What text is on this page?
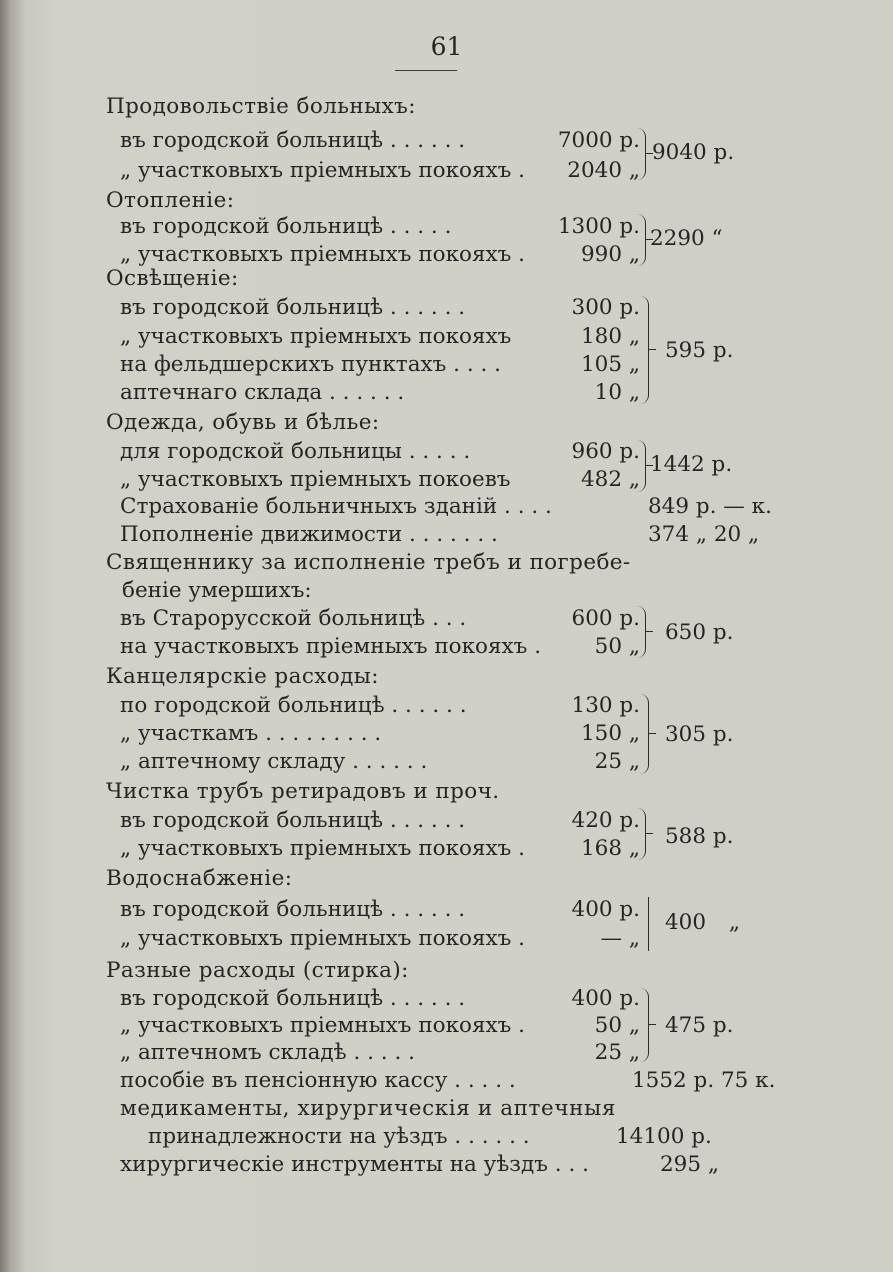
61
Продовольствіе больныхъ:
въ городской больницѣ . . . . . .	7000 р.
„ участковыхъ пріемныхъ покояхъ . 2040 „
9040 р.
Отопленіе:
въ городской больницѣ . . . . .	1300 р.
„ участковыхъ пріемныхъ покояхъ .	990 „
2290 “
Освѣщеніе:
въ городской больницѣ . . . . . .	300 р.
„ участковыхъ пріемныхъ покояхъ	180 „
на фельдшерскихъ пунктахъ . . . .	105 „
аптечнаго склада . . . . . .	10 „
595 р.
Одежда, обувь и бѣлье:
для городской больницы . . . . .	960 р.
„ участковыхъ пріемныхъ покоевъ	482 „
1442 р.
Страхованіе больничныхъ зданій . . . .	849 р. — к.
Пополненіе движимости . . . . . . .	374 „ 20 „
Священнику за исполненіе требъ и погребе-
беніе умершихъ:
въ Старорусской больницѣ . . .	600 р.
на участковыхъ пріемныхъ покояхъ . 50 „
650 р.
Канцелярскіе расходы:
по городской больницѣ . . . . . .	130 р.
„ участкамъ . . . . . . . . .	150 „
„ аптечному складу . . . . . .	25 „
305 р.
Чистка трубъ ретирадовъ и проч.
въ городской больницѣ . . . . . .	420 р.
„ участковыхъ пріемныхъ покояхъ .	168 „ 588 р.
Водоснабженіе:
въ городской больницѣ . . . . . .	400 р.
„ участковыхъ пріемныхъ покояхъ .	— „
400 „
Разные расходы (стирка):
въ городской больницѣ . . . . . .	400 р.
„ участковыхъ пріемныхъ покояхъ .	50 „
„ аптечномъ складѣ . . . . .	25 „
475 р.
пособіе въ пенсіонную кассу . . . . .	1552 р. 75 к.
медикаменты, хирургическія и аптечныя
принадлежности на уѣздъ . . . . . .	14100 р.
хирургическіе инструменты на уѣздъ . . .	295 „
